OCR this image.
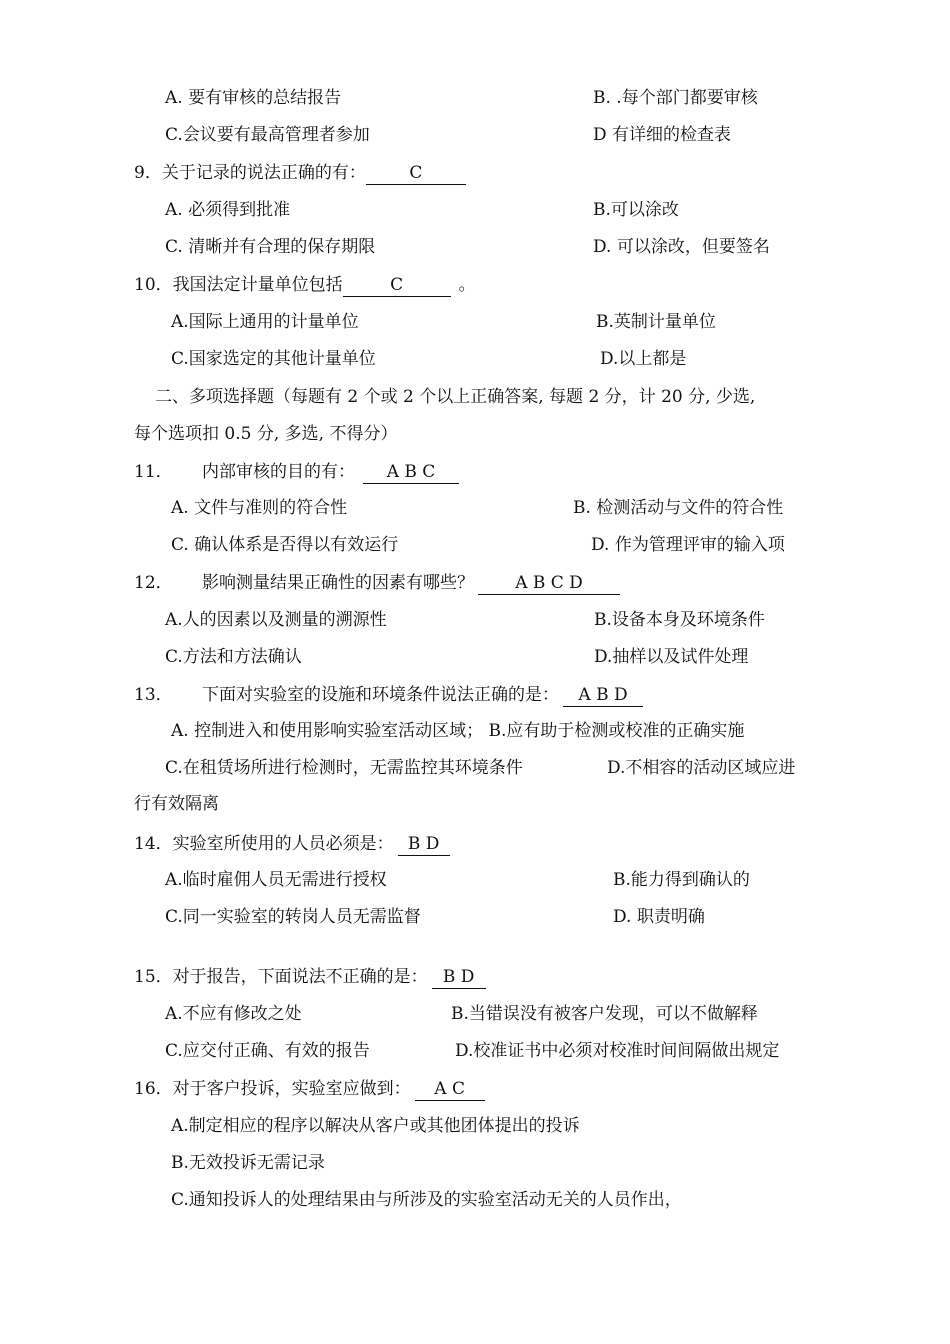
A. 要有审核的总结报告	B. .每个部门都要审核
C.会议要有最高管理者参加	D 有详细的检查表
9．关于记录的说法正确的有：	C
A. 必须得到批准	B.可以涂改
C. 清晰并有合理的保存期限	D. 可以涂改，但要签名
10．我国法定计量单位包括	C	。
A.国际上通用的计量单位	B.英制计量单位
C.国家选定的其他计量单位	D.以上都是
二、多项选择题（每题有 2 个或 2 个以上正确答案, 每题 2 分，计 20 分, 少选,
每个选项扣 0.5 分, 多选, 不得分）
11． 内部审核的目的有： A B C
A. 文件与准则的符合性	B. 检测活动与文件的符合性
C. 确认体系是否得以有效运行	D. 作为管理评审的输入项
12． 影响测量结果正确性的因素有哪些？ A B C D
A.人的因素以及测量的溯源性	B.设备本身及环境条件
C.方法和方法确认	D.抽样以及试件处理
13． 下面对实验室的设施和环境条件说法正确的是： A B D
A. 控制进入和使用影响实验室活动区域； B.应有助于检测或校准的正确实施
C.在租赁场所进行检测时，无需监控其环境条件	D.不相容的活动区域应进
行有效隔离
14．实验室所使用的人员必须是： B D
A.临时雇佣人员无需进行授权	B.能力得到确认的
C.同一实验室的转岗人员无需监督	D. 职责明确
15．对于报告，下面说法不正确的是： B D
A.不应有修改之处	B.当错误没有被客户发现，可以不做解释
C.应交付正确、有效的报告	D.校准证书中必须对校准时间间隔做出规定
16．对于客户投诉，实验室应做到： A C
A.制定相应的程序以解决从客户或其他团体提出的投诉
B.无效投诉无需记录
C.通知投诉人的处理结果由与所涉及的实验室活动无关的人员作出，
